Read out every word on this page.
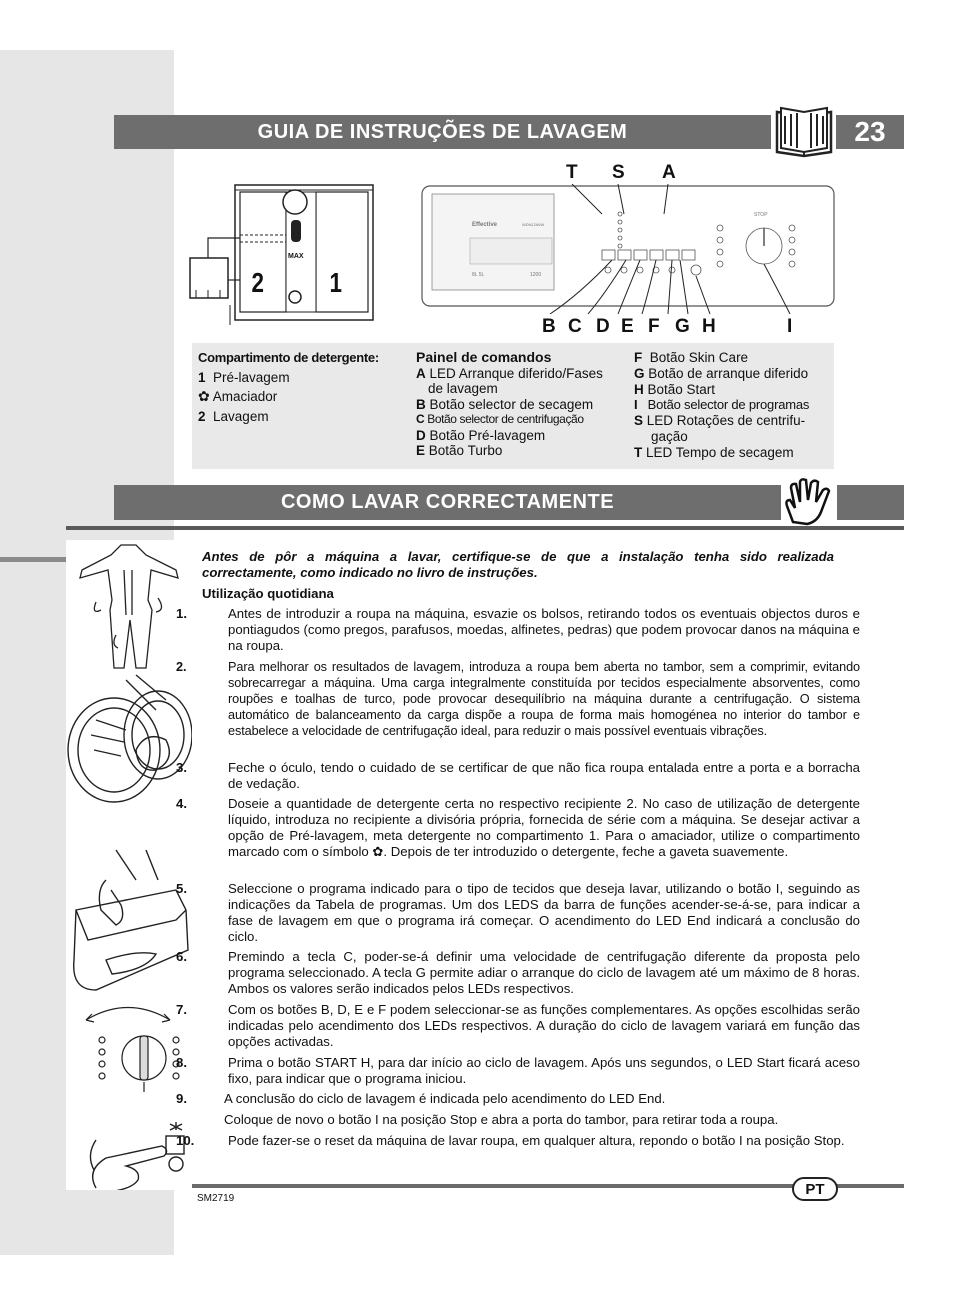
GUIA DE INSTRUÇÕES DE LAVAGEM	23
2 1
MAX
T S A
Effective	WDN1266W
8L 5L	1200
STOP
B C D E F G H	I
Compartimento de detergente:
1 Pré-lavagem
✿ Amaciador
2 Lavagem
Painel de comandos
A LED Arranque diferido/Fases de lavagem
B Botão selector de secagem
C Botão selector de centrifugação
D Botão Pré-lavagem
E Botão Turbo
F Botão Skin Care
G Botão de arranque diferido
H Botão Start
I Botão selector de programas
S LED Rotações de centrifu-gação
T LED Tempo de secagem
COMO LAVAR CORRECTAMENTE
Antes de pôr a máquina a lavar, certifique-se de que a instalação tenha sido realizada correctamente, como indicado no livro de instruções.
Utilização quotidiana
1.	Antes de introduzir a roupa na máquina, esvazie os bolsos, retirando todos os eventuais objectos duros e pontiagudos (como pregos, parafusos, moedas, alfinetes, pedras) que podem provocar danos na máquina e na roupa.
2.	Para melhorar os resultados de lavagem, introduza a roupa bem aberta no tambor, sem a comprimir, evitando sobrecarregar a máquina. Uma carga integralmente constituída por tecidos especialmente absorventes, como roupões e toalhas de turco, pode provocar desequilíbrio na máquina durante a centrifugação. O sistema automático de balanceamento da carga dispõe a roupa de forma mais homogénea no interior do tambor e estabelece a velocidade de centrifugação ideal, para reduzir o mais possível eventuais vibrações.
3.	Feche o óculo, tendo o cuidado de se certificar de que não fica roupa entalada entre a porta e a borracha de vedação.
4.	Doseie a quantidade de detergente certa no respectivo recipiente 2. No caso de utilização de detergente líquido, introduza no recipiente a divisória própria, fornecida de série com a máquina. Se desejar activar a opção de Pré-lavagem, meta detergente no compartimento 1. Para o amaciador, utilize o compartimento marcado com o símbolo ✿. Depois de ter introduzido o detergente, feche a gaveta suavemente.
5.	Seleccione o programa indicado para o tipo de tecidos que deseja lavar, utilizando o botão I, seguindo as indicações da Tabela de programas. Um dos LEDS da barra de funções acender-se-á-se, para indicar a fase de lavagem em que o programa irá começar. O acendimento do LED End indicará a conclusão do ciclo.
6.	Premindo a tecla C, poder-se-á definir uma velocidade de centrifugação diferente da proposta pelo programa seleccionado. A tecla G permite adiar o arranque do ciclo de lavagem até um máximo de 8 horas. Ambos os valores serão indicados pelos LEDs respectivos.
7.	Com os botões B, D, E e F podem seleccionar-se as funções complementares. As opções escolhidas serão indicadas pelo acendimento dos LEDs respectivos. A duração do ciclo de lavagem variará em função das opções activadas.
8.	Prima o botão START H, para dar início ao ciclo de lavagem. Após uns segundos, o LED Start ficará aceso fixo, para indicar que o programa iniciou.
9.	A conclusão do ciclo de lavagem é indicada pelo acendimento do LED End.
Coloque de novo o botão I na posição Stop e abra a porta do tambor, para retirar toda a roupa.
10.	Pode fazer-se o reset da máquina de lavar roupa, em qualquer altura, repondo o botão I na posição Stop.
PT
SM2719
